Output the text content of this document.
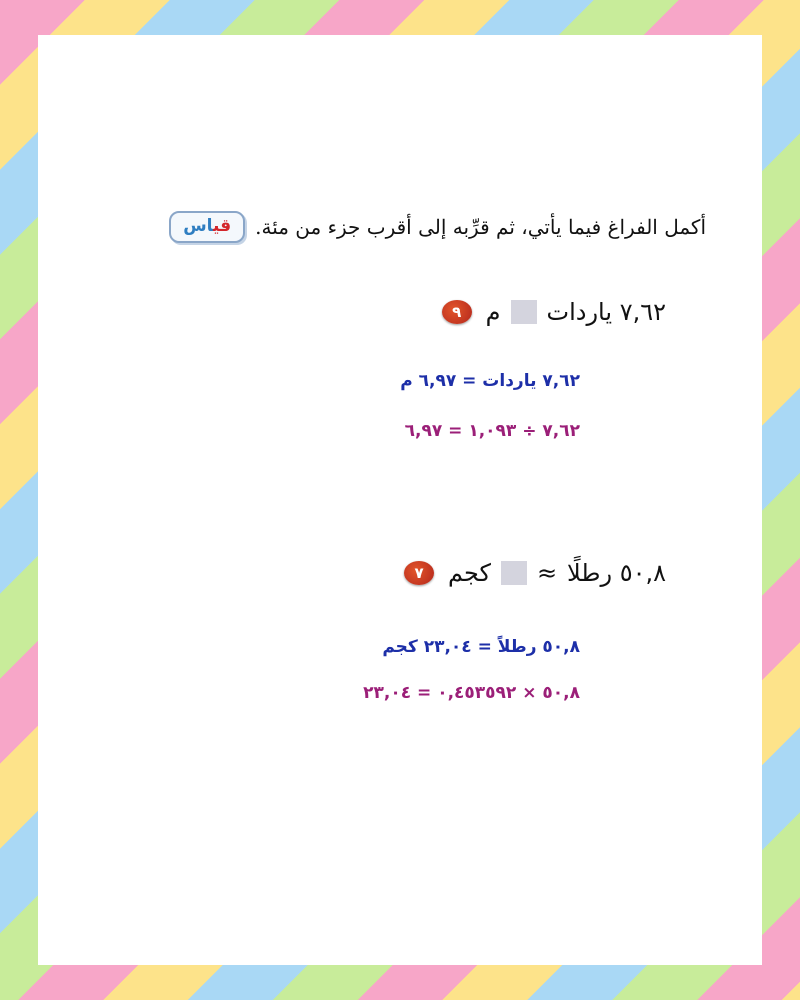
قياس	أكمل الفراغ فيما يأتي، ثم قرِّبه إلى أقرب جزء من مئة.
٩	٧,٦٢ ياردات
م
٧,٦٢ ياردات = ٦,٩٧ م
٧,٦٢ ÷ ١,٠٩٣ = ٦,٩٧
٧	٥٠,٨ رطلًا
≈
كجم
٥٠,٨ رطلاً = ٢٣,٠٤ كجم
٥٠,٨ × ٠,٤٥٣٥٩٢ = ٢٣,٠٤
